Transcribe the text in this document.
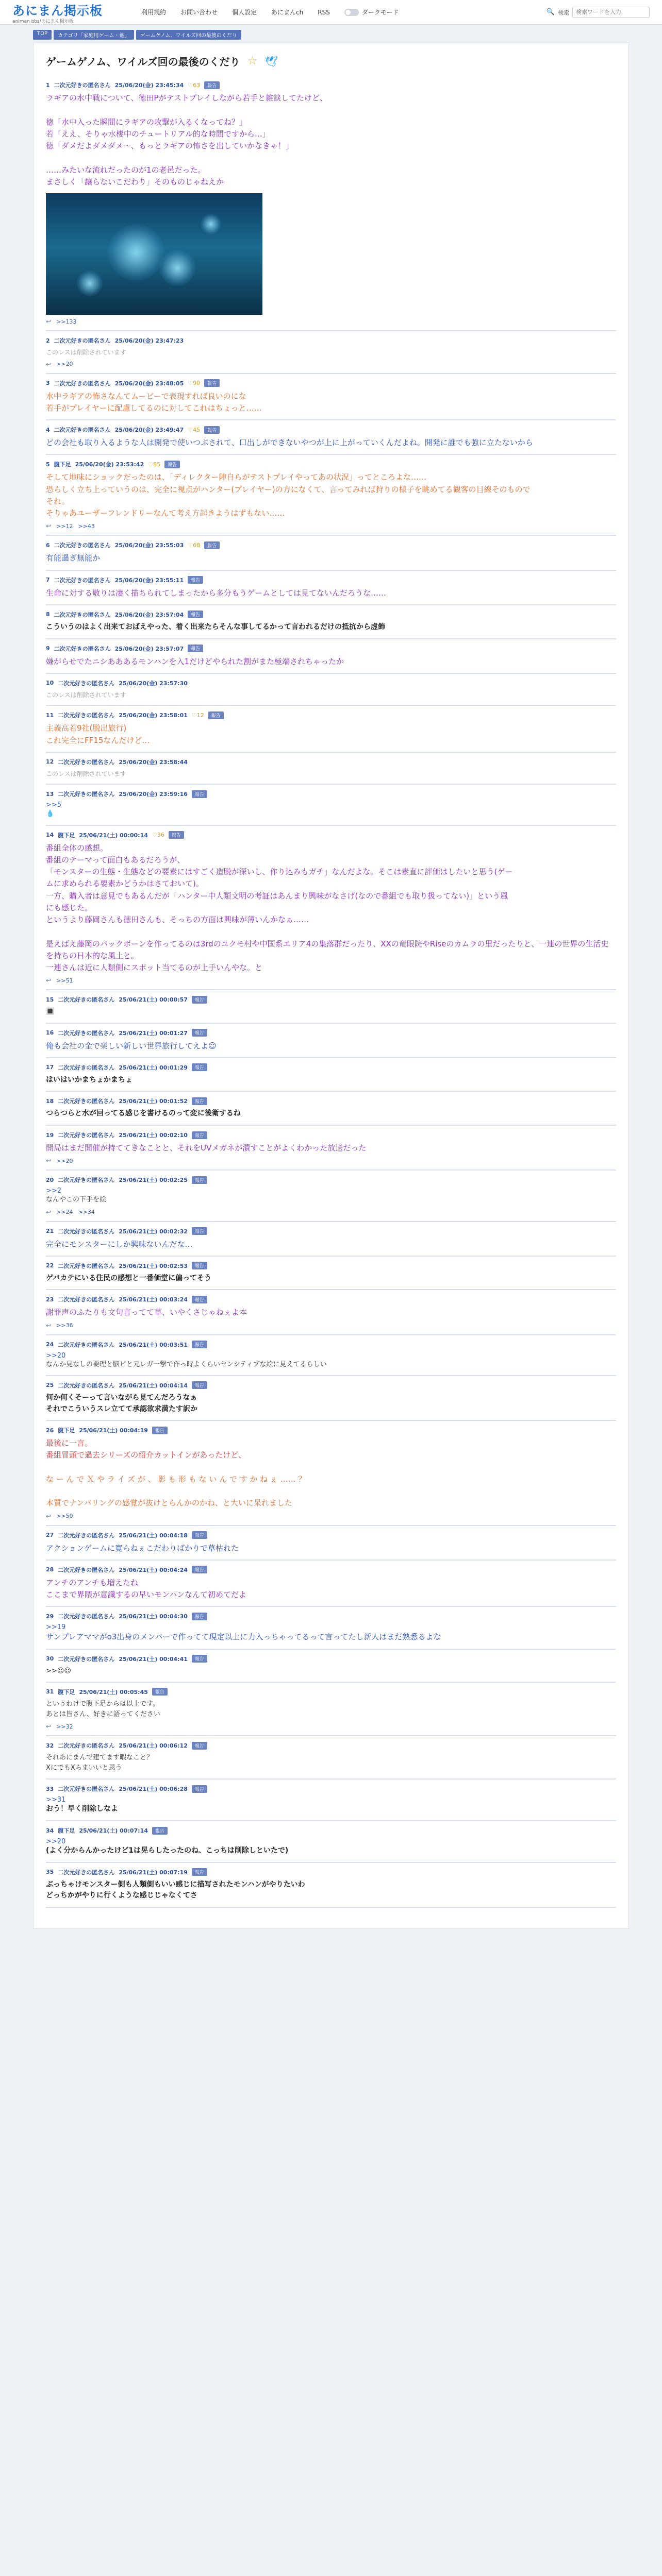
あにまん掲示板
animan bbs/あにまん掲示板
利用規約 お問い合わせ 個人設定 あにまんch RSS	ダークモード	🔍 検索
検索ワードを入力
TOP	カテゴリ「家庭用ゲーム・他」	ゲームゲノム、ワイルズ回の最後のくだり
ゲームゲノム、ワイルズ回の最後のくだり ☆ 🕊
1 二次元好きの匿名さん 25/06/20(金) 23:45:34 ♡63	報告
ラギアの水中戦について、徳田Pがテストプレイしながら若手と雑談してたけど、

徳「水中入った瞬間にラギアの攻撃が入るくなってね？」
若「ええ、そりゃ水棲中のチュートリアル的な時間ですから…」
徳「ダメだよダメダメ〜、もっとラギアの怖さを出していかなきゃ！」

……みたいな流れだったのが1の老邑だった。
まさしく「譲らないこだわり」そのものじゃねえか
↩ >>133
2 二次元好きの匿名さん 25/06/20(金) 23:47:23
このレスは削除されています
↩ >>20
3 二次元好きの匿名さん 25/06/20(金) 23:48:05 ♡90	報告
水中ラギアの怖さなんてムービーで表現すれば良いのにな
若手がプレイヤーに配慮してるのに対してこれはちょっと……
4 二次元好きの匿名さん 25/06/20(金) 23:49:47 ♡45	報告
どの会社も取り入るような人は開発で使いつぶされて、口出しができないやつが上に上がっていくんだよね。開発に誰でも強に立たないから
5 腹下足 25/06/20(金) 23:53:42 ♡85	報告
そして地味にショックだったのは、「ディレクター陣自らがテストプレイやってあの状況」ってところよな……
恐らしく立ち上っていうのは、完全に視点がハンター(プレイヤー)の方になくて、言ってみれば狩りの様子を眺めてる観客の目線そのもので
それ。
そりゃあユーザーフレンドリーなんて考え方起きようはずもない……
↩ >>12 >>43
6 二次元好きの匿名さん 25/06/20(金) 23:55:03 ♡68	報告
有能過ぎ無能か
7 二次元好きの匿名さん 25/06/20(金) 23:55:11	報告
生命に対する敬りは凄く描ちられてしまったから多分もうゲームとしては見てないんだろうな……
8 二次元好きの匿名さん 25/06/20(金) 23:57:04	報告
こういうのはよく出来ておばえやった、着く出来たらそんな事してるかって言われるだけの抵抗から虚飾
9 二次元好きの匿名さん 25/06/20(金) 23:57:07	報告
嫌がらせでたニシあああるモンハンを入1だけどやられた割がまた極端されちゃったか
10 二次元好きの匿名さん 25/06/20(金) 23:57:30
このレスは削除されています
11 二次元好きの匿名さん 25/06/20(金) 23:58:01 ♡12	報告
主義高若9社(脱出旅行)
これ完全にFF15なんだけど…
12 二次元好きの匿名さん 25/06/20(金) 23:58:44
このレスは削除されています
13 二次元好きの匿名さん 25/06/20(金) 23:59:16	報告
>>5
💧
14 腹下足 25/06/21(土) 00:00:14 ♡36	報告
番組全体の感想。
番組のテーマって面白もあるだろうが、
「モンスターの生態・生態などの要素にはすごく造脱が深いし、作り込みもガチ」なんだよな。そこは素直に評価はしたいと思う(ゲー
ムに求められる要素かどうかはさておいて)。
一方、購入者は意見でもあるんだが「ハンター中人類文明の考証はあんまり興味がなさげ(なので番組でも取り扱ってない)」という風
にも感じた。
というより藤岡さんも徳田さんも、そっちの方面は興味が薄いんかなぁ……

是えばえ藤岡のバックボーンを作ってるのは3rdのユクモ村や中国系エリア4の集落群だったり、XXの竜眼院やRiseのカムラの里だったりと、一連の世界の生活史を持ちの日本的な風土と。
一連さんは近に人類側にスポット当てるのが上手いんやな。と
↩ >>51
15 二次元好きの匿名さん 25/06/21(土) 00:00:57	報告
🔳
16 二次元好きの匿名さん 25/06/21(土) 00:01:27	報告
俺も会社の金で楽しい新しい世界旅行してえよ☺
17 二次元好きの匿名さん 25/06/21(土) 00:01:29	報告
はいはいかまちょかまちょ
18 二次元好きの匿名さん 25/06/21(土) 00:01:52	報告
つらつらと水が回ってる感じを書けるのって変に後衛するね
19 二次元好きの匿名さん 25/06/21(土) 00:02:10	報告
開局はまだ開催が持ててきなことと、それをUVメガネが潰すことがよくわかった放送だった
↩ >>20
20 二次元好きの匿名さん 25/06/21(土) 00:02:25	報告
>>2
なんやこの下手を絵
↩ >>24 >>34
21 二次元好きの匿名さん 25/06/21(土) 00:02:32	報告
完全にモンスターにしか興味ないんだな…
22 二次元好きの匿名さん 25/06/21(土) 00:02:53	報告
ゲバカテにいる住民の感想と一番価堂に偏ってそう
23 二次元好きの匿名さん 25/06/21(土) 00:03:24	報告
謝罪声のふたりも文句言ってて草、いやくさじゃねぇよ本
↩ >>36
24 二次元好きの匿名さん 25/06/21(土) 00:03:51	報告
>>20
なんか見なしの要理と脳ピと元レガ一撃で作っ時よくらいセンシティブな絵に見えてるらしい
25 二次元好きの匿名さん 25/06/21(土) 00:04:14	報告
何か何くそーって言いながら見てんだろうなぁ
それでこういうスレ立てて承認欲求満たす訳か
26 腹下足 25/06/21(土) 00:04:19	報告
最後に一言。
番組冒頭で過去シリーズの紹介カットインがあったけど、

な ー ん で Ｘ や ラ イ ズ が 、 影 も 形 も な い ん で す か ね ぇ …… ？

本質でナンバリングの感覚が抜けとらんかのかね、と大いに呆れました
↩ >>50
27 二次元好きの匿名さん 25/06/21(土) 00:04:18	報告
アクションゲームに寛らねぇこだわりばかりで草枯れた
28 二次元好きの匿名さん 25/06/21(土) 00:04:24	報告
アンチのアンチも増えたね
ここまで界隈が意識するの早いモンハンなんて初めてだよ
29 二次元好きの匿名さん 25/06/21(土) 00:04:30	報告
>>19
サンプレアママがo3出身のメンバーで作ってて現定以上に力入っちゃってるって言ってたし新人はまだ熟悉るよな
30 二次元好きの匿名さん 25/06/21(土) 00:04:41	報告
>>☺☺
31 腹下足 25/06/21(土) 00:05:45	報告
というわけで腹下足からは以上です。
あとは皆さん、好きに語ってください
↩ >>32
32 二次元好きの匿名さん 25/06/21(土) 00:06:12	報告
それあにまんで建てます暇なこと？
XにでもXらまいいと思う
33 二次元好きの匿名さん 25/06/21(土) 00:06:28	報告
>>31
おう！早く削除しなよ
34 腹下足 25/06/21(土) 00:07:14	報告
>>20
(よく分からんかったけど1は晃らしたったのね、こっちは削除しといたで)
35 二次元好きの匿名さん 25/06/21(土) 00:07:19	報告
ぶっちゃけモンスター側も人類側もいい感じに描写されたモンハンがやりたいわ
どっちかがやりに行くような感じじゃなくてさ
